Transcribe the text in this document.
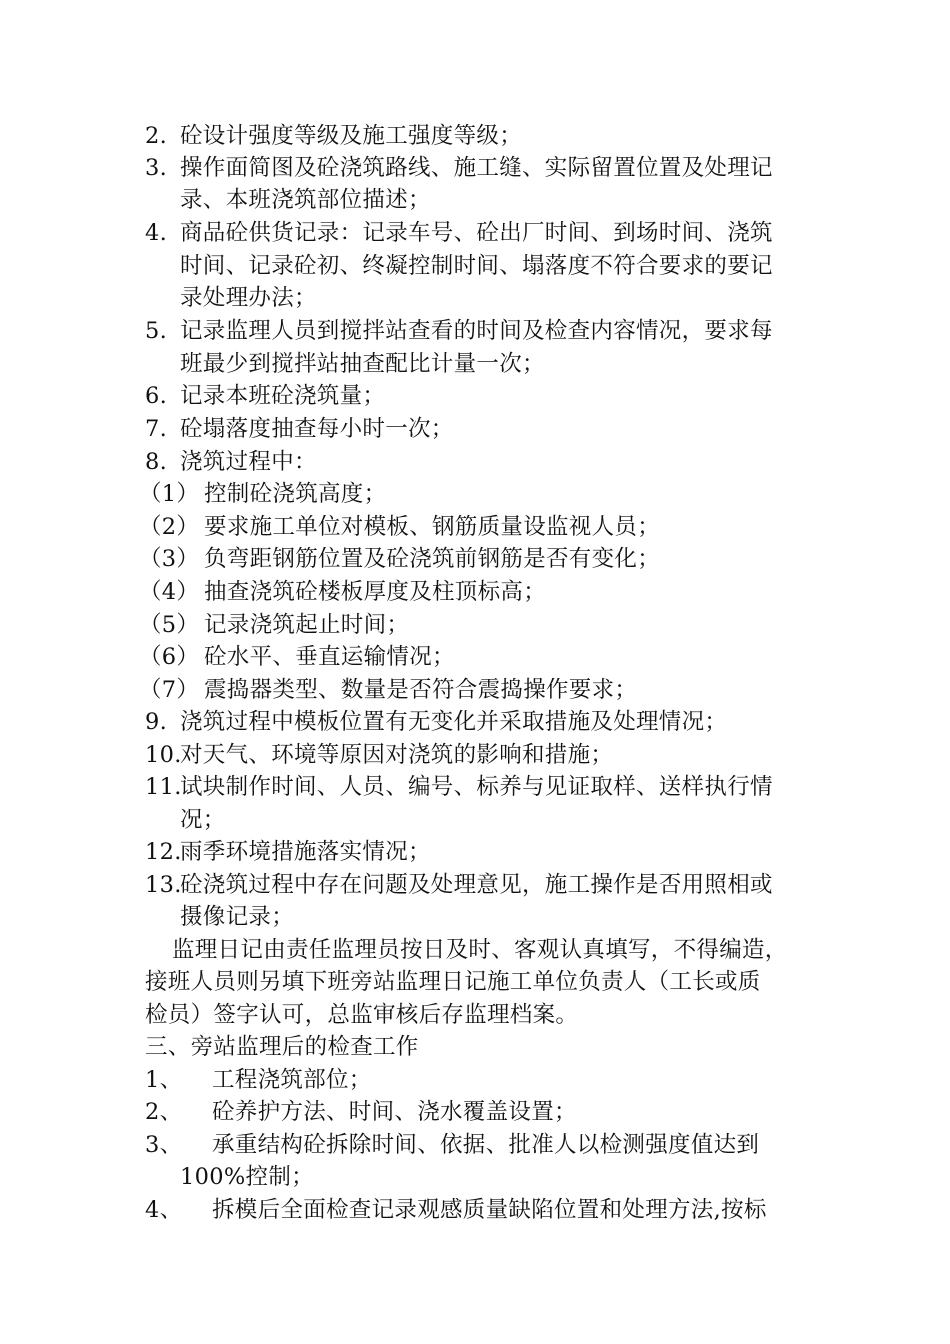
2. 砼设计强度等级及施工强度等级；
3. 操作面简图及砼浇筑路线、施工缝、实际留置位置及处理记
录、本班浇筑部位描述；
4. 商品砼供货记录：记录车号、砼出厂时间、到场时间、浇筑
时间、记录砼初、终凝控制时间、塌落度不符合要求的要记
录处理办法；
5. 记录监理人员到搅拌站查看的时间及检查内容情况，要求每
班最少到搅拌站抽查配比计量一次；
6. 记录本班砼浇筑量；
7. 砼塌落度抽查每小时一次；
8. 浇筑过程中：
（1） 控制砼浇筑高度；
（2） 要求施工单位对模板、钢筋质量设监视人员；
（3） 负弯距钢筋位置及砼浇筑前钢筋是否有变化；
（4） 抽查浇筑砼楼板厚度及柱顶标高；
（5） 记录浇筑起止时间；
（6） 砼水平、垂直运输情况；
（7） 震捣器类型、数量是否符合震捣操作要求；
9. 浇筑过程中模板位置有无变化并采取措施及处理情况；
10.对天气、环境等原因对浇筑的影响和措施；
11.试块制作时间、人员、编号、标养与见证取样、送样执行情
况；
12.雨季环境措施落实情况；
13.砼浇筑过程中存在问题及处理意见，施工操作是否用照相或
摄像记录；
监理日记由责任监理员按日及时、客观认真填写，不得编造，
接班人员则另填下班旁站监理日记施工单位负责人（工长或质
检员）签字认可，总监审核后存监理档案。
三、旁站监理后的检查工作
1、 工程浇筑部位；
2、 砼养护方法、时间、浇水覆盖设置；
3、 承重结构砼拆除时间、依据、批准人以检测强度值达到
100%控制；
4、 拆模后全面检查记录观感质量缺陷位置和处理方法,按标
